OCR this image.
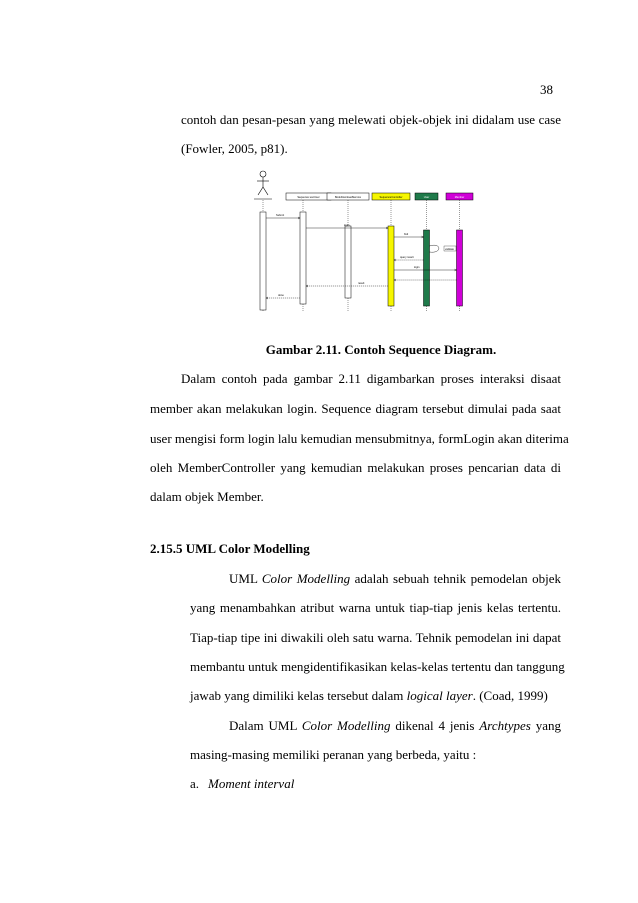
38
contoh dan pesan-pesan yang melewati objek-objek ini didalam use case
(Fowler, 2005, p81).
Sequence.wsl.User	BookDownloadService	SequenceController	User	Member
Submit
login
find
validate
query result
login
result
done
Gambar 2.11. Contoh Sequence Diagram.
Dalam contoh pada gambar 2.11 digambarkan proses interaksi disaat
member akan melakukan login. Sequence diagram tersebut dimulai pada saat
user mengisi form login lalu kemudian mensubmitnya, formLogin akan diterima
oleh MemberController yang kemudian melakukan proses pencarian data di
dalam objek Member.
2.15.5 UML Color Modelling
UML Color Modelling adalah sebuah tehnik pemodelan objek
yang menambahkan atribut warna untuk tiap-tiap jenis kelas tertentu.
Tiap-tiap tipe ini diwakili oleh satu warna. Tehnik pemodelan ini dapat
membantu untuk mengidentifikasikan kelas-kelas tertentu dan tanggung
jawab yang dimiliki kelas tersebut dalam logical layer. (Coad, 1999)
Dalam UML Color Modelling dikenal 4 jenis Archtypes yang
masing-masing memiliki peranan yang berbeda, yaitu :
a. Moment interval
